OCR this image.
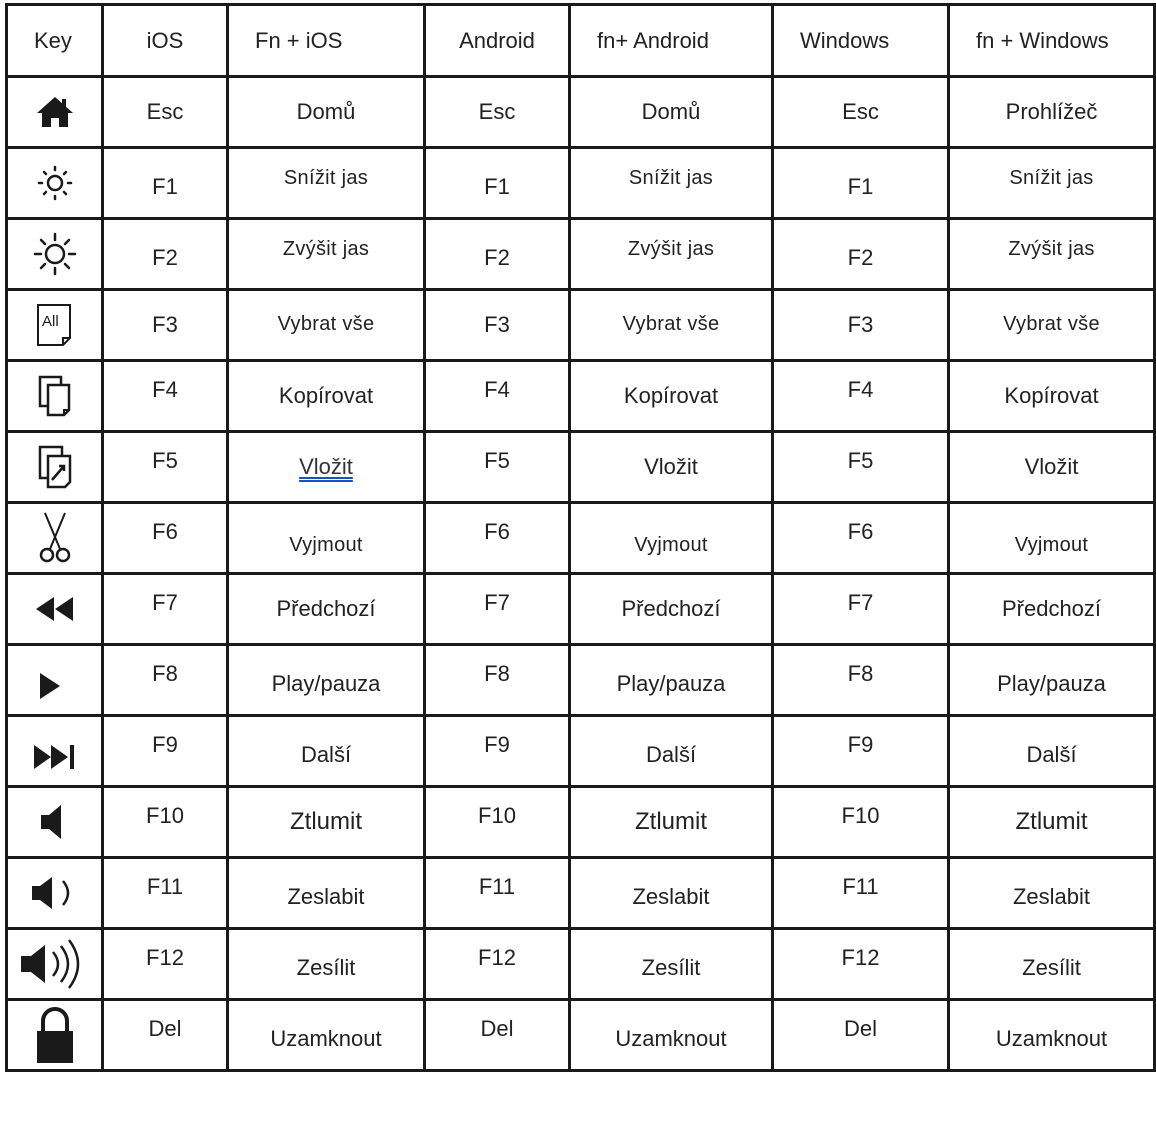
Key	iOS	Fn + iOS	Android	fn+ Android	Windows	fn + Windows

	Esc	Domů	Esc	Domů	Esc	Prohlížeč

	F1	Snížit jas	F1	Snížit jas	F1	Snížit jas

	F2	Zvýšit jas	F2	Zvýšit jas	F2	Zvýšit jas

All	F3	Vybrat vše	F3	Vybrat vše	F3	Vybrat vše

	F4	Kopírovat	F4	Kopírovat	F4	Kopírovat

	F5	Vložit	F5	Vložit	F5	Vložit

	F6	Vyjmout	F6	Vyjmout	F6	Vyjmout

	F7	Předchozí	F7	Předchozí	F7	Předchozí

	F8	Play/pauza	F8	Play/pauza	F8	Play/pauza

	F9	Další	F9	Další	F9	Další

	F10	Ztlumit	F10	Ztlumit	F10	Ztlumit

	F11	Zeslabit	F11	Zeslabit	F11	Zeslabit

	F12	Zesílit	F12	Zesílit	F12	Zesílit

	Del	Uzamknout	Del	Uzamknout	Del	Uzamknout
